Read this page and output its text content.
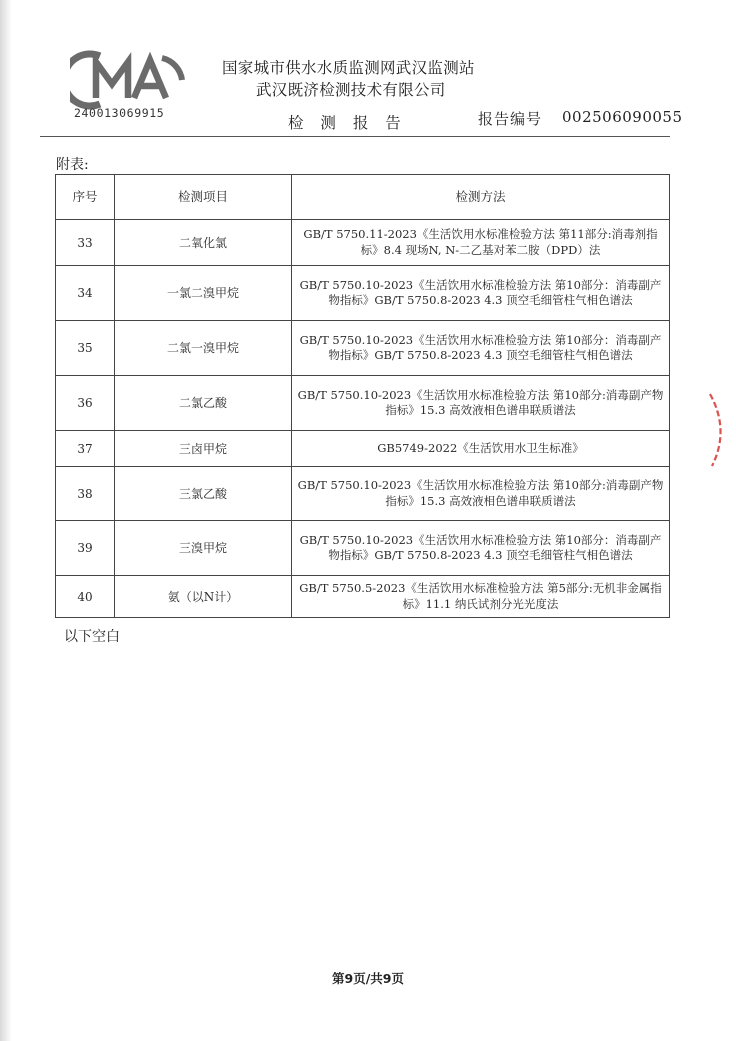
240013069915
国家城市供水水质监测网武汉监测站
武汉既济检测技术有限公司
检 测 报 告	报告编号 002506090055
附表:
序号	检测项目	检测方法
33	二氧化氯	GB/T 5750.11-2023《生活饮用水标准检验方法 第11部分:消毒剂指标》8.4 现场N, N-二乙基对苯二胺（DPD）法
34	一氯二溴甲烷	GB/T 5750.10-2023《生活饮用水标准检验方法 第10部分：消毒副产物指标》GB/T 5750.8-2023 4.3 顶空毛细管柱气相色谱法
35	二氯一溴甲烷	GB/T 5750.10-2023《生活饮用水标准检验方法 第10部分：消毒副产物指标》GB/T 5750.8-2023 4.3 顶空毛细管柱气相色谱法
36	二氯乙酸	GB/T 5750.10-2023《生活饮用水标准检验方法 第10部分:消毒副产物指标》15.3 高效液相色谱串联质谱法
37	三卤甲烷	GB5749-2022《生活饮用水卫生标准》
38	三氯乙酸	GB/T 5750.10-2023《生活饮用水标准检验方法 第10部分:消毒副产物指标》15.3 高效液相色谱串联质谱法
39	三溴甲烷	GB/T 5750.10-2023《生活饮用水标准检验方法 第10部分：消毒副产物指标》GB/T 5750.8-2023 4.3 顶空毛细管柱气相色谱法
40	氨（以N计）	GB/T 5750.5-2023《生活饮用水标准检验方法 第5部分:无机非金属指标》11.1 纳氏试剂分光光度法
以下空白
第9页/共9页
